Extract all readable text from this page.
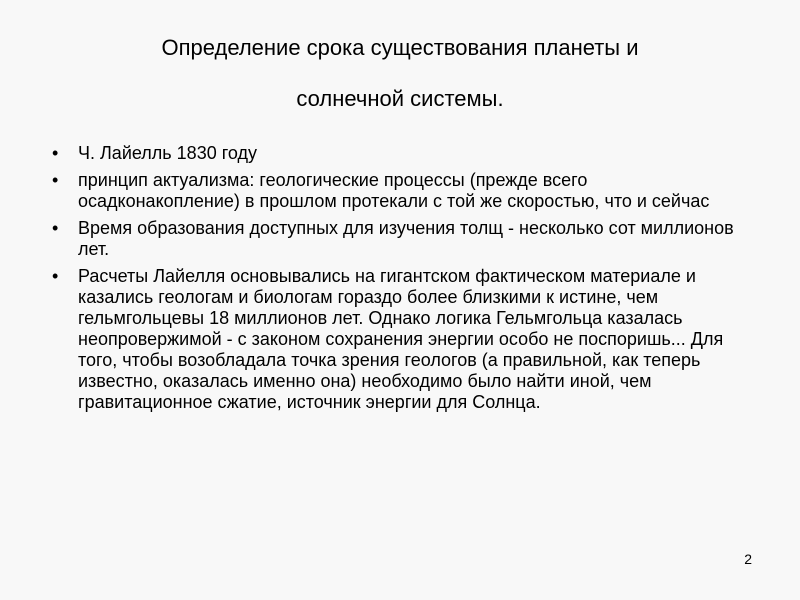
Определение срока существования планеты и
солнечной системы.
• Ч. Лайелль 1830 году
• принцип актуализма: геологические процессы (прежде всего осадконакопление) в прошлом протекали с той же скоростью, что и сейчас
• Время образования доступных для изучения толщ - несколько сот миллионов лет.
• Расчеты Лайелля основывались на гигантском фактическом материале и казались геологам и биологам гораздо более близкими к истине, чем гельмгольцевы 18 миллионов лет. Однако логика Гельмгольца казалась неопровержимой - с законом сохранения энергии особо не поспоришь... Для того, чтобы возобладала точка зрения геологов (а правильной, как теперь известно, оказалась именно она) необходимо было найти иной, чем гравитационное сжатие, источник энергии для Солнца.
2
